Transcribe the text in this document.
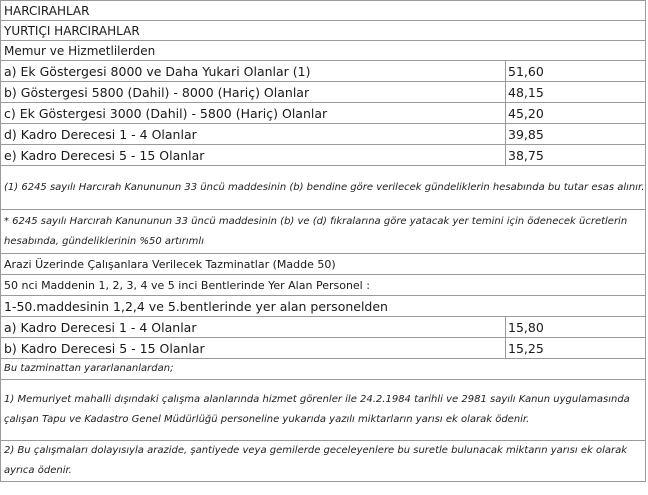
HARCIRAHLAR	
YURTIÇI HARCIRAHLAR	
Memur ve Hizmetlilerden	
a) Ek Göstergesi 8000 ve Daha Yukari Olanlar (1)	51,60
b) Göstergesi 5800 (Dahil) - 8000 (Hariç) Olanlar	48,15
c) Ek Göstergesi 3000 (Dahil) - 5800 (Hariç) Olanlar	45,20
d) Kadro Derecesi 1 - 4 Olanlar	39,85
e) Kadro Derecesi 5 - 15 Olanlar	38,75
(1) 6245 sayılı Harcırah Kanununun 33 üncü maddesinin (b) bendine göre verilecek gündeliklerin hesabında bu tutar esas alınır.	
* 6245 sayılı Harcırah Kanununun 33 üncü maddesinin (b) ve (d) fıkralarına göre yatacak yer temini için ödenecek ücretlerin hesabında, gündeliklerinin %50 artırımlı	
Arazi Üzerinde Çalışanlara Verilecek Tazminatlar (Madde 50)	
50 nci Maddenin 1, 2, 3, 4 ve 5 inci Bentlerinde Yer Alan Personel :	
1-50.maddesinin 1,2,4 ve 5.bentlerinde yer alan personelden	
a) Kadro Derecesi 1 - 4 Olanlar	15,80
b) Kadro Derecesi 5 - 15 Olanlar	15,25
Bu tazminattan yararlananlardan;	
1) Memuriyet mahalli dışındaki çalışma alanlarında hizmet görenler ile 24.2.1984 tarihli ve 2981 sayılı Kanun uygulamasında çalışan Tapu ve Kadastro Genel Müdürlüğü personeline yukarıda yazılı miktarların yarısı ek olarak ödenir.	
2) Bu çalışmaları dolayısıyla arazide, şantiyede veya gemilerde geceleyenlere bu suretle bulunacak miktarın yarısı ek olarak ayrıca ödenir.	
